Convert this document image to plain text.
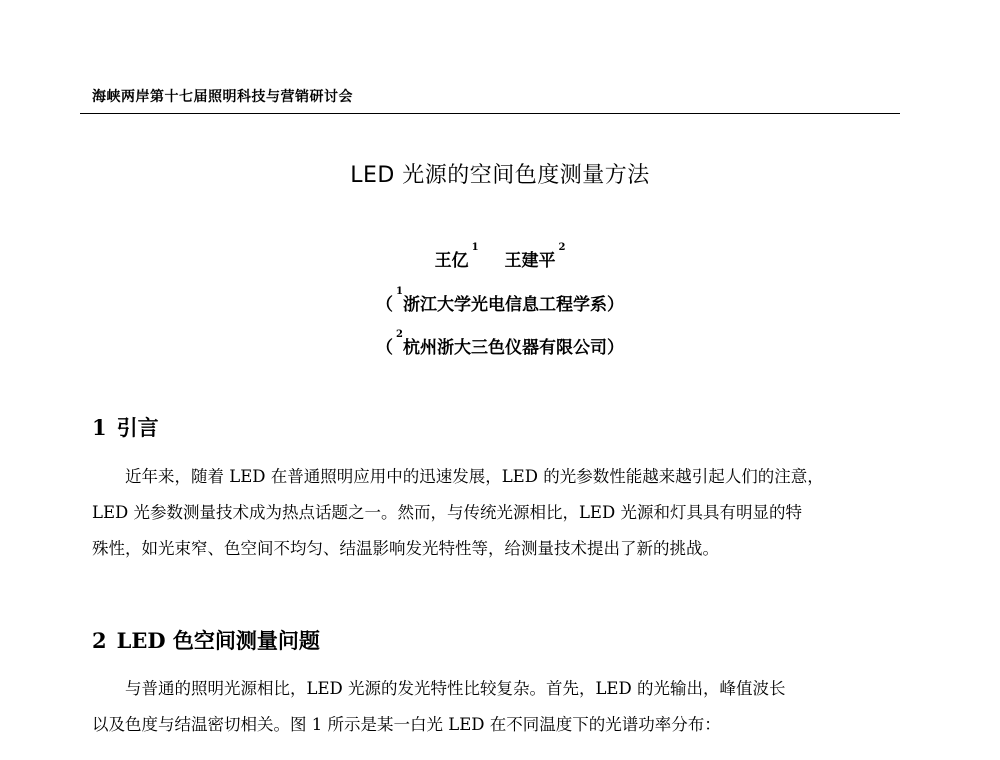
海峡两岸第十七届照明科技与营销研讨会
LED 光源的空间色度测量方法
王亿$^1$ 王建平$^2$
（$^1$浙江大学光电信息工程学系）
（$^2$杭州浙大三色仪器有限公司）
1 引言
近年来，随着 LED 在普通照明应用中的迅速发展，LED 的光参数性能越来越引起人们的注意，
LED 光参数测量技术成为热点话题之一。然而，与传统光源相比，LED 光源和灯具具有明显的特
殊性，如光束窄、色空间不均匀、结温影响发光特性等，给测量技术提出了新的挑战。
2 LED 色空间测量问题
与普通的照明光源相比，LED 光源的发光特性比较复杂。首先，LED 的光输出，峰值波长
以及色度与结温密切相关。图 1 所示是某一白光 LED 在不同温度下的光谱功率分布：
